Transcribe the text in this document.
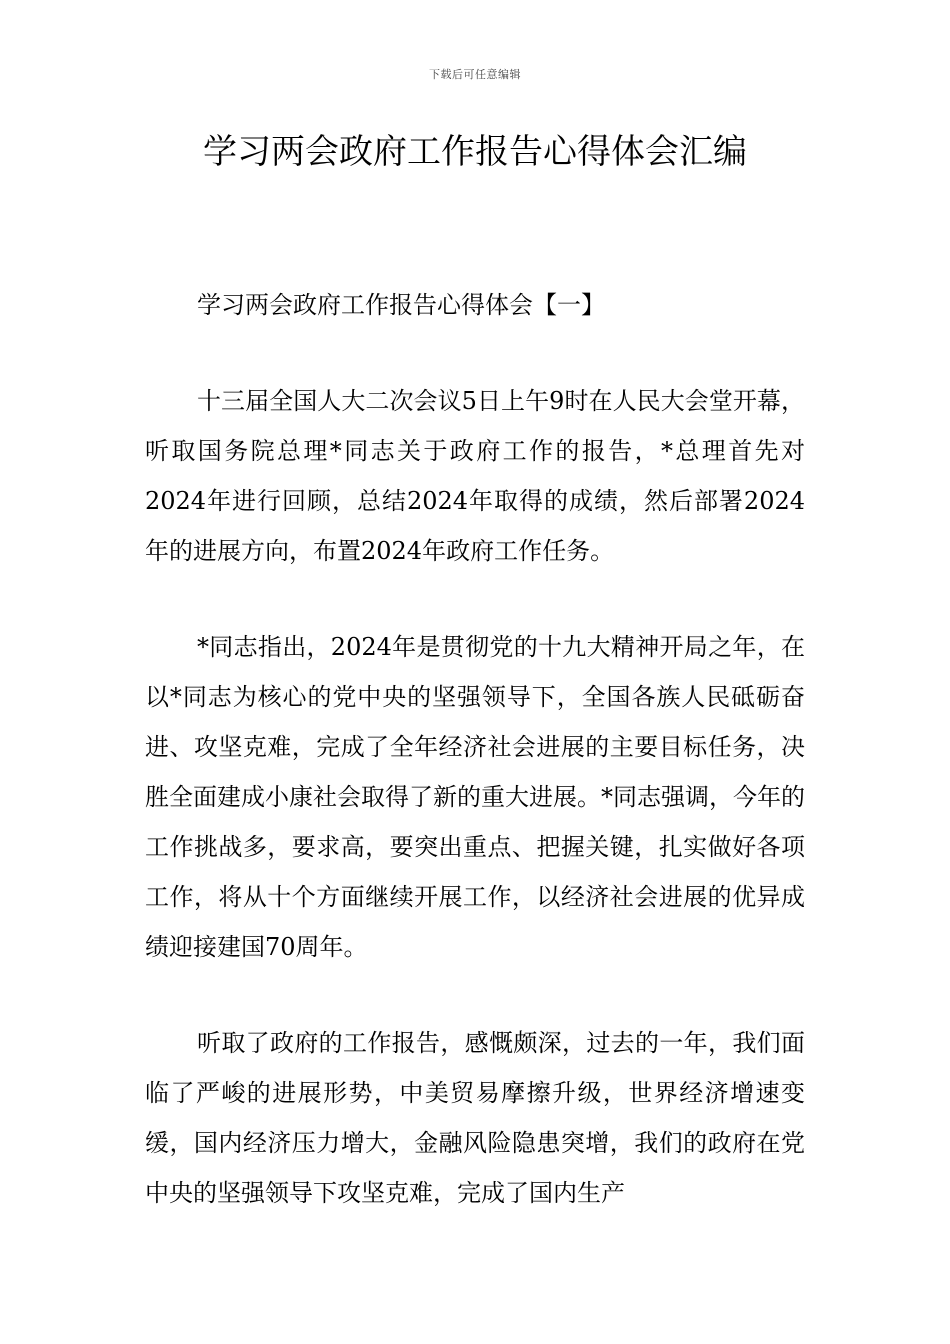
下载后可任意编辑
学习两会政府工作报告心得体会汇编
学习两会政府工作报告心得体会【一】

十三届全国人大二次会议5日上午9时在人民大会堂开幕，听取国务院总理*同志关于政府工作的报告，*总理首先对2024年进行回顾，总结2024年取得的成绩，然后部署2024年的进展方向，布置2024年政府工作任务。

*同志指出，2024年是贯彻党的十九大精神开局之年，在以*同志为核心的党中央的坚强领导下，全国各族人民砥砺奋进、攻坚克难，完成了全年经济社会进展的主要目标任务，决胜全面建成小康社会取得了新的重大进展。*同志强调，今年的工作挑战多，要求高，要突出重点、把握关键，扎实做好各项工作，将从十个方面继续开展工作，以经济社会进展的优异成绩迎接建国70周年。

听取了政府的工作报告，感慨颇深，过去的一年，我们面临了严峻的进展形势，中美贸易摩擦升级，世界经济增速变缓，国内经济压力增大，金融风险隐患突增，我们的政府在党中央的坚强领导下攻坚克难，完成了国内生产
